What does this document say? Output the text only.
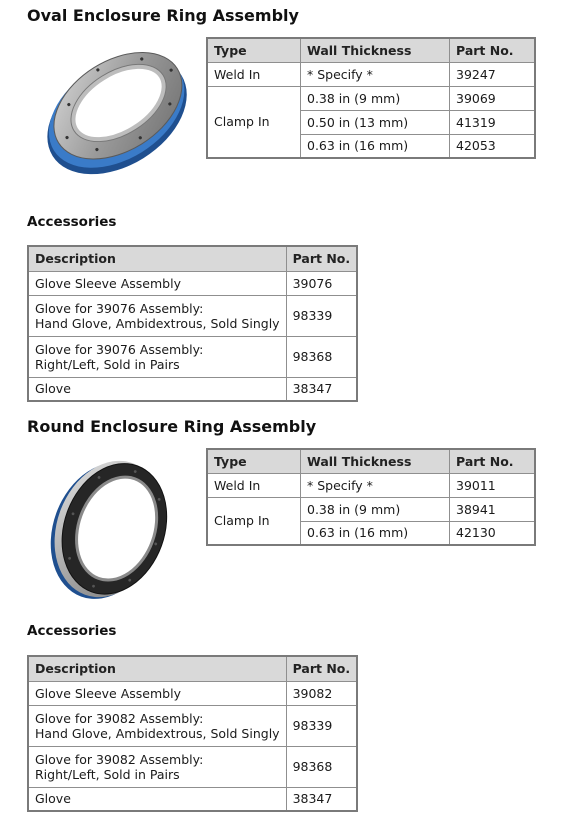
Oval Enclosure Ring Assembly
Type	Wall Thickness	Part No.
Weld In	* Specify *	39247
Clamp In	0.38 in (9 mm)	39069
	0.50 in (13 mm)	41319
	0.63 in (16 mm)	42053
Accessories
Description	Part No.
Glove Sleeve Assembly	39076
Glove for 39076 Assembly:
Hand Glove, Ambidextrous, Sold Singly	98339
Glove for 39076 Assembly:
Right/Left, Sold in Pairs	98368
Glove	38347
Round Enclosure Ring Assembly
Type	Wall Thickness	Part No.
Weld In	* Specify *	39011
Clamp In	0.38 in (9 mm)	38941
	0.63 in (16 mm)	42130
Accessories
Description	Part No.
Glove Sleeve Assembly	39082
Glove for 39082 Assembly:
Hand Glove, Ambidextrous, Sold Singly	98339
Glove for 39082 Assembly:
Right/Left, Sold in Pairs	98368
Glove	38347
